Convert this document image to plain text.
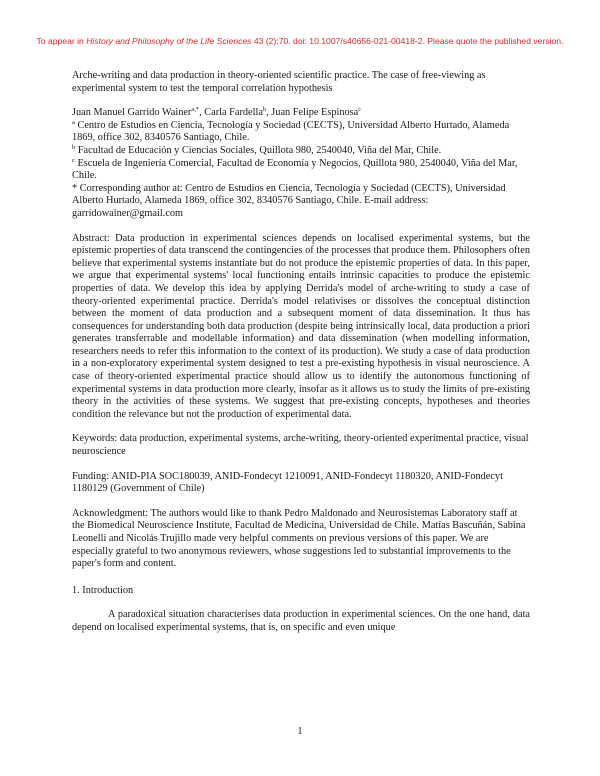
To appear in History and Philosophy of the Life Sciences 43 (2):70. doi: 10.1007/s40656-021-00418-2. Please quote the published version.

Arche-writing and data production in theory-oriented scientific practice. The case of free-viewing as experimental system to test the temporal correlation hypothesis

Juan Manuel Garrido Wainer$^{a,*}$, Carla Fardella$^b$, Juan Felipe Espinosa$^c$

$^a$ Centro de Estudios en Ciencia, Tecnología y Sociedad (CECTS), Universidad Alberto Hurtado, Alameda 1869, office 302, 8340576 Santiago, Chile.

$^b$ Facultad de Educación y Ciencias Sociales, Quillota 980, 2540040, Viña del Mar, Chile.

$^c$ Escuela de Ingeniería Comercial, Facultad de Economía y Negocios, Quillota 980, 2540040, Viña del Mar, Chile.

* Corresponding author at: Centro de Estudios en Ciencia, Tecnología y Sociedad (CECTS), Universidad Alberto Hurtado, Alameda 1869, office 302, 8340576 Santiago, Chile. E-mail address: garridowainer@gmail.com

Abstract: Data production in experimental sciences depends on localised experimental systems, but the epistemic properties of data transcend the contingencies of the processes that produce them. Philosophers often believe that experimental systems instantiate but do not produce the epistemic properties of data. In this paper, we argue that experimental systems' local functioning entails intrinsic capacities to produce the epistemic properties of data. We develop this idea by applying Derrida's model of arche-writing to study a case of theory-oriented experimental practice. Derrida's model relativises or dissolves the conceptual distinction between the moment of data production and a subsequent moment of data dissemination. It thus has consequences for understanding both data production (despite being intrinsically local, data production a priori generates transferrable and modellable information) and data dissemination (when modelling information, researchers needs to refer this information to the context of its production). We study a case of data production in a non-exploratory experimental system designed to test a pre-existing hypothesis in visual neuroscience. A case of theory-oriented experimental practice should allow us to identify the autonomous functioning of experimental systems in data production more clearly, insofar as it allows us to study the limits of pre-existing theory in the activities of these systems. We suggest that pre-existing concepts, hypotheses and theories condition the relevance but not the production of experimental data.

Keywords: data production, experimental systems, arche-writing, theory-oriented experimental practice, visual neuroscience

Funding: ANID-PIA SOC180039, ANID-Fondecyt 1210091, ANID-Fondecyt 1180320, ANID-Fondecyt 1180129 (Government of Chile)

Acknowledgment: The authors would like to thank Pedro Maldonado and Neurosistemas Laboratory staff at the Biomedical Neuroscience Institute, Facultad de Medicina, Universidad de Chile. Matías Bascuñán, Sabina Leonelli and Nicolás Trujillo made very helpful comments on previous versions of this paper. We are especially grateful to two anonymous reviewers, whose suggestions led to substantial improvements to the paper's form and content.

1. Introduction

A paradoxical situation characterises data production in experimental sciences. On the one hand, data depend on localised experimental systems, that is, on specific and even unique

1
